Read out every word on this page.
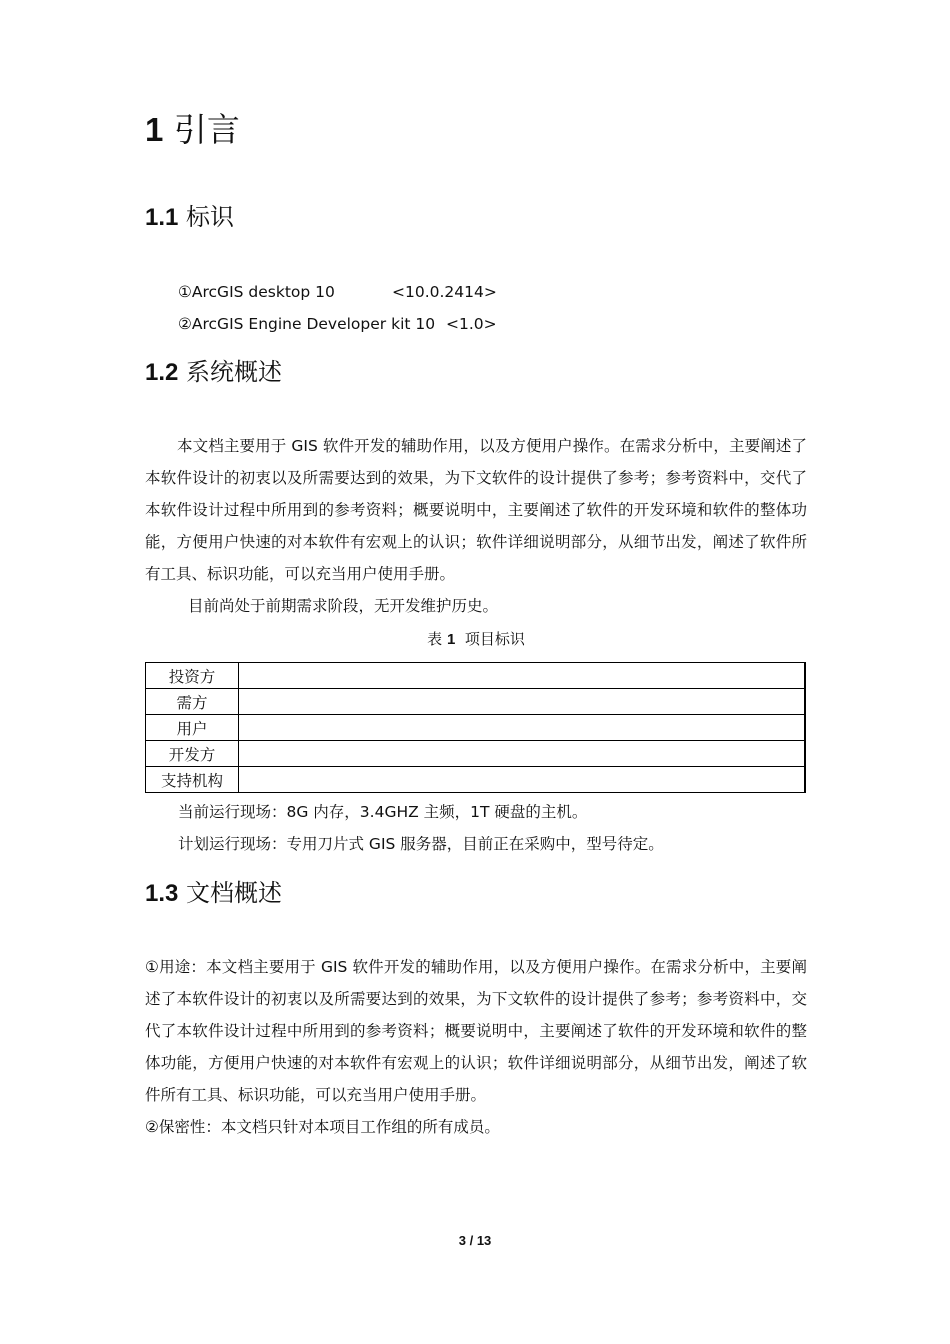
1 引言
1.1 标识
①ArcGIS desktop 10	<10.0.2414>
②ArcGIS Engine Developer kit 10 <1.0>
1.2 系统概述

本文档主要用于 GIS 软件开发的辅助作用，以及方便用户操作。在需求分析中，主要阐述了本软件设计的初衷以及所需要达到的效果，为下文软件的设计提供了参考；参考资料中，交代了本软件设计过程中所用到的参考资料；概要说明中，主要阐述了软件的开发环境和软件的整体功能，方便用户快速的对本软件有宏观上的认识；软件详细说明部分，从细节出发，阐述了软件所有工具、标识功能，可以充当用户使用手册。

目前尚处于前期需求阶段，无开发维护历史。

表 1 项目标识
投资方	
需方	
用户	
开发方	
支持机构	
当前运行现场：8G 内存，3.4GHZ 主频，1T 硬盘的主机。
计划运行现场：专用刀片式 GIS 服务器，目前正在采购中，型号待定。
1.3 文档概述

①用途：本文档主要用于 GIS 软件开发的辅助作用，以及方便用户操作。在需求分析中，主要阐述了本软件设计的初衷以及所需要达到的效果，为下文软件的设计提供了参考；参考资料中，交代了本软件设计过程中所用到的参考资料；概要说明中，主要阐述了软件的开发环境和软件的整体功能，方便用户快速的对本软件有宏观上的认识；软件详细说明部分，从细节出发，阐述了软件所有工具、标识功能，可以充当用户使用手册。

②保密性：本文档只针对本项目工作组的所有成员。

3 / 13
